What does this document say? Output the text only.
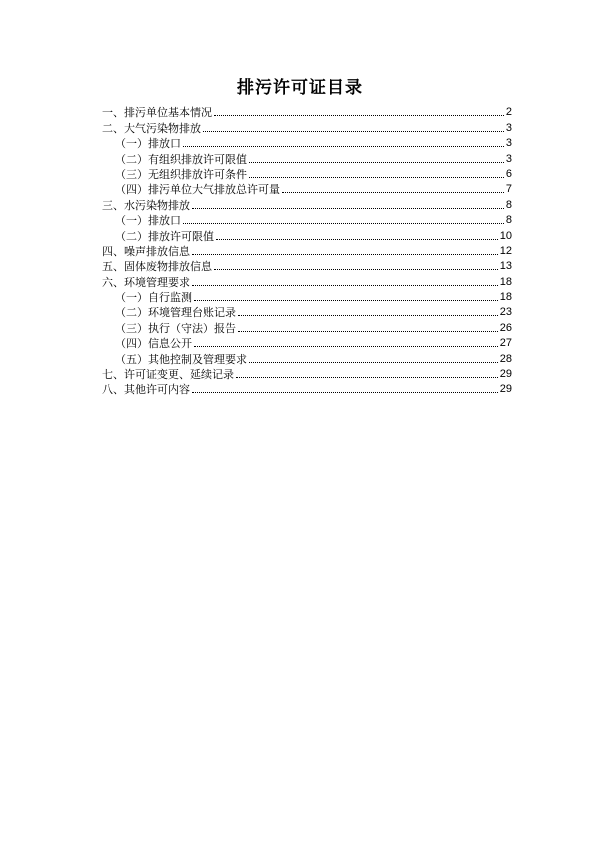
排污许可证目录
一、排污单位基本情况	2
二、大气污染物排放	3
（一）排放口	3
（二）有组织排放许可限值	3
（三）无组织排放许可条件	6
（四）排污单位大气排放总许可量	7
三、水污染物排放	8
（一）排放口	8
（二）排放许可限值	10
四、噪声排放信息	12
五、固体废物排放信息	13
六、环境管理要求	18
（一）自行监测	18
（二）环境管理台账记录	23
（三）执行（守法）报告	26
（四）信息公开	27
（五）其他控制及管理要求	28
七、许可证变更、延续记录	29
八、其他许可内容	29
